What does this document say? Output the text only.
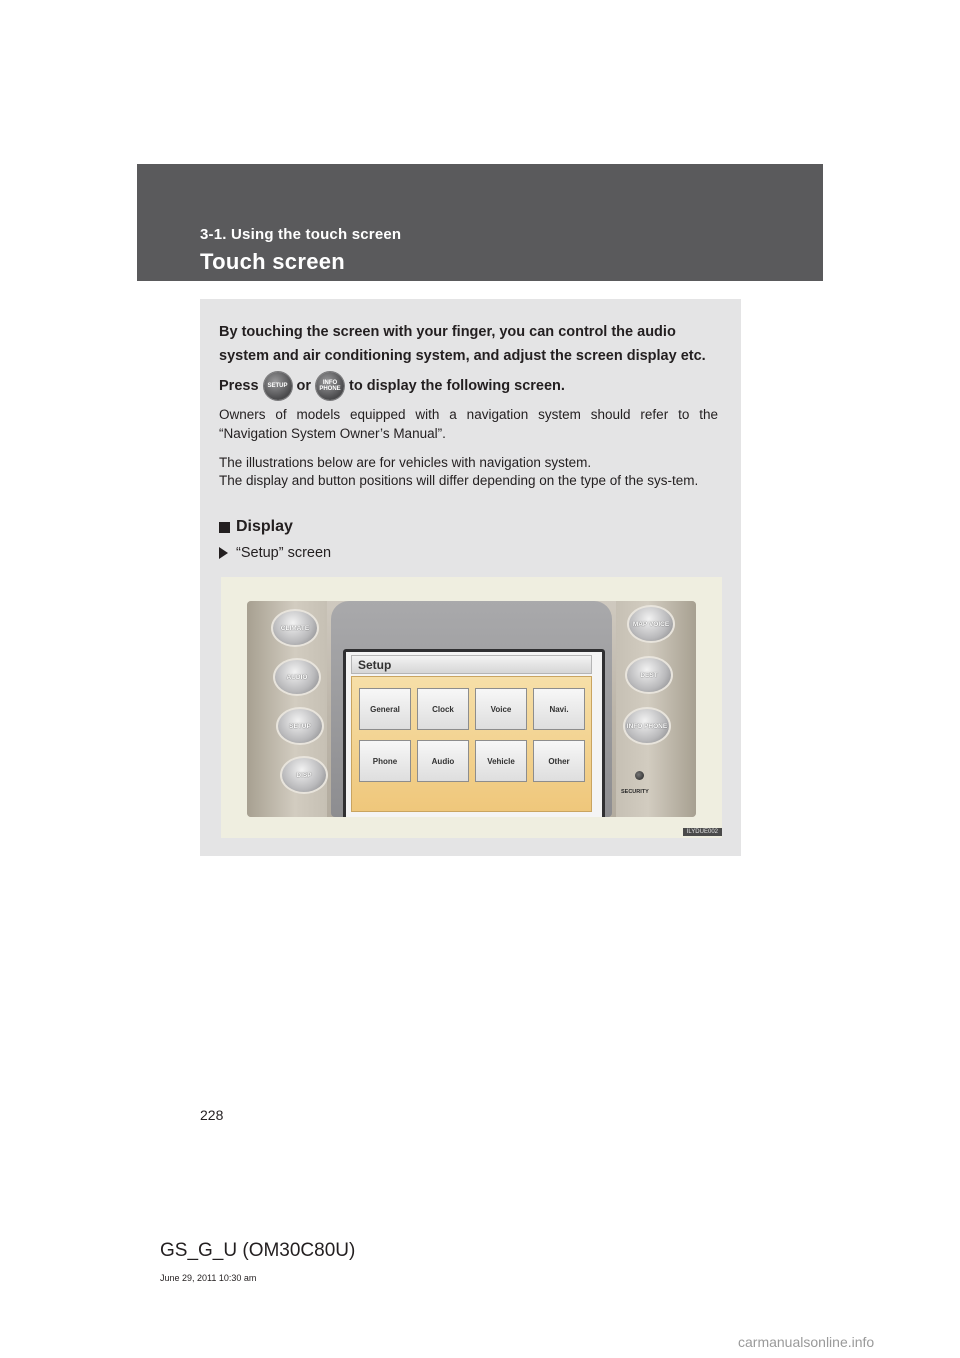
3-1. Using the touch screen
Touch screen

By touching the screen with your finger, you can control the audio system and air conditioning system, and adjust the screen display etc.

Press	SETUP or	INFO PHONE to display the following screen.

Owners of models equipped with a navigation system should refer to the “Navigation System Owner’s Manual”.

The illustrations below are for vehicles with navigation system.

The display and button positions will differ depending on the type of the sys-tem.

Display
“Setup” screen
CLIMATE
AUDIO
SETUP
DISP
MAP VOICE
DEST
INFO PHONE
SECURITY
Setup
General	Clock	Voice	Navi.
Phone	Audio	Vehicle	Other
ILYDUE002
228
GS_G_U (OM30C80U)
June 29, 2011 10:30 am
carmanualsonline.info
